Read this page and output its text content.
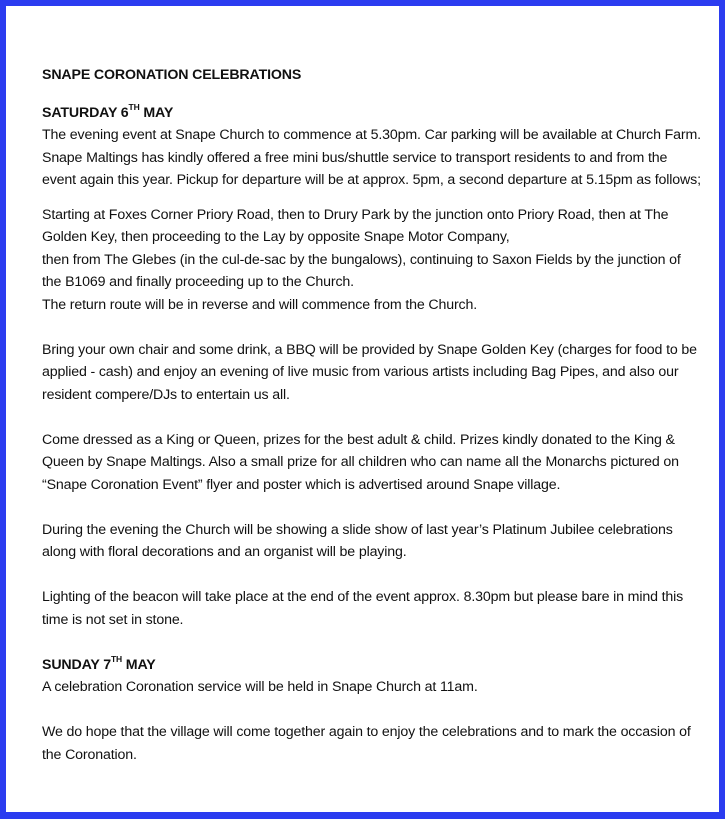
SNAPE CORONATION CELEBRATIONS
SATURDAY 6TH MAY

The evening event at Snape Church to commence at 5.30pm. Car parking will be available at Church Farm. Snape Maltings has kindly offered a free mini bus/shuttle service to transport residents to and from the event again this year. Pickup for departure will be at approx. 5pm, a second departure at 5.15pm as follows;

Starting at Foxes Corner Priory Road, then to Drury Park by the junction onto Priory Road, then at The Golden Key, then proceeding to the Lay by opposite Snape Motor Company,
then from The Glebes (in the cul-de-sac by the bungalows), continuing to Saxon Fields by the junction of the B1069 and finally proceeding up to the Church.
The return route will be in reverse and will commence from the Church.

Bring your own chair and some drink, a BBQ will be provided by Snape Golden Key (charges for food to be applied - cash) and enjoy an evening of live music from various artists including Bag Pipes, and also our resident compere/DJs to entertain us all.

Come dressed as a King or Queen, prizes for the best adult & child. Prizes kindly donated to the King & Queen by Snape Maltings. Also a small prize for all children who can name all the Monarchs pictured on “Snape Coronation Event” flyer and poster which is advertised around Snape village.

During the evening the Church will be showing a slide show of last year’s Platinum Jubilee celebrations along with floral decorations and an organist will be playing.

Lighting of the beacon will take place at the end of the event approx. 8.30pm but please bare in mind this time is not set in stone.

SUNDAY 7TH MAY

A celebration Coronation service will be held in Snape Church at 11am.

We do hope that the village will come together again to enjoy the celebrations and to mark the occasion of the Coronation.
